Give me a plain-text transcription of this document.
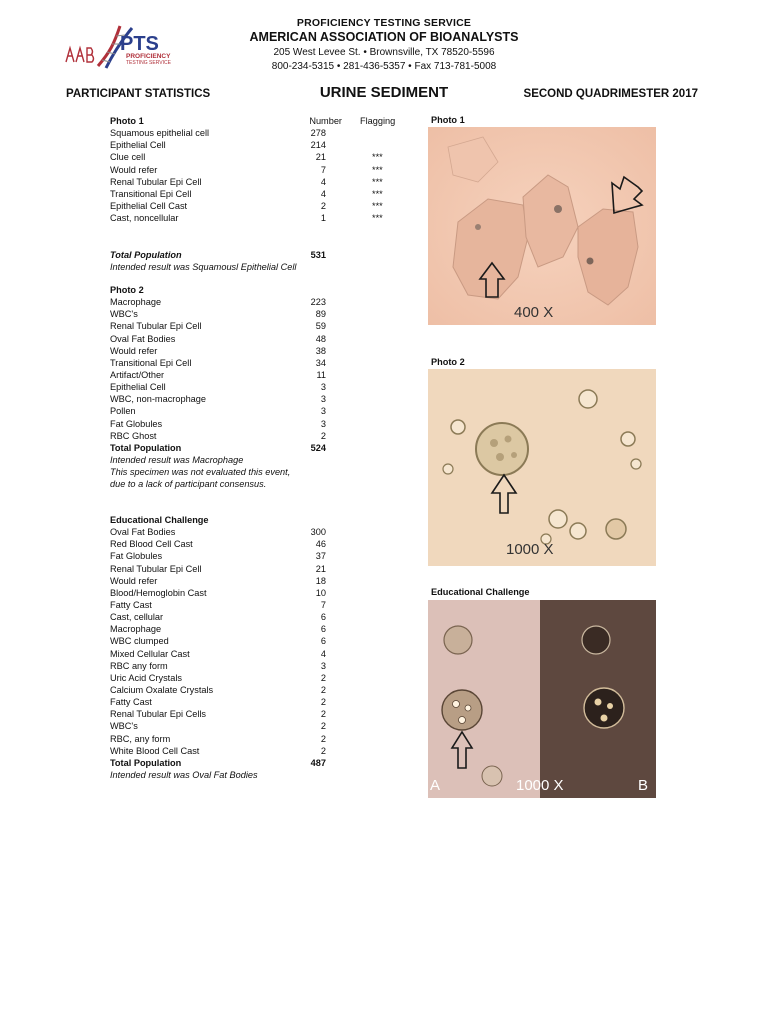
PTS
PROFICIENCY
TESTING SERVICE
PROFICIENCY TESTING SERVICE
AMERICAN ASSOCIATION OF BIOANALYSTS
205 West Levee St. • Brownsville, TX 78520-5596
800-234-5315 • 281-436-5357 • Fax 713-781-5008
PARTICIPANT STATISTICS	URINE SEDIMENT	SECOND QUADRIMESTER 2017
Photo 1	Number Flagging
Squamous epithelial cell	278
Epithelial Cell	214
Clue cell	21	***
Would refer	7	***
Renal Tubular Epi Cell	4	***
Transitional Epi Cell	4	***
Epithelial Cell Cast	2	***
Cast, noncellular	1	***
Total Population	531
Intended result was Squamousl Epithelial Cell
Photo 2
Macrophage	223
WBC's	89
Renal Tubular Epi Cell	59
Oval Fat Bodies	48
Would refer	38
Transitional Epi Cell	34
Artifact/Other	11
Epithelial Cell	3
WBC, non-macrophage	3
Pollen	3
Fat Globules	3
RBC Ghost	2
Total Population	524
Intended result was Macrophage
This specimen was not evaluated this event,
due to a lack of participant consensus.
Educational Challenge
Oval Fat Bodies	300
Red Blood Cell Cast	46
Fat Globules	37
Renal Tubular Epi Cell	21
Would refer	18
Blood/Hemoglobin Cast	10
Fatty Cast	7
Cast, cellular	6
Macrophage	6
WBC clumped	6
Mixed Cellular Cast	4
RBC any form	3
Uric Acid Crystals	2
Calcium Oxalate Crystals	2
Fatty Cast	2
Renal Tubular Epi Cells	2
WBC's	2
RBC, any form	2
White Blood Cell Cast	2
Total Population	487
Intended result was Oval Fat Bodies
Photo 1
400 X
Photo 2
1000 X
Educational Challenge
A	1000 X	B
